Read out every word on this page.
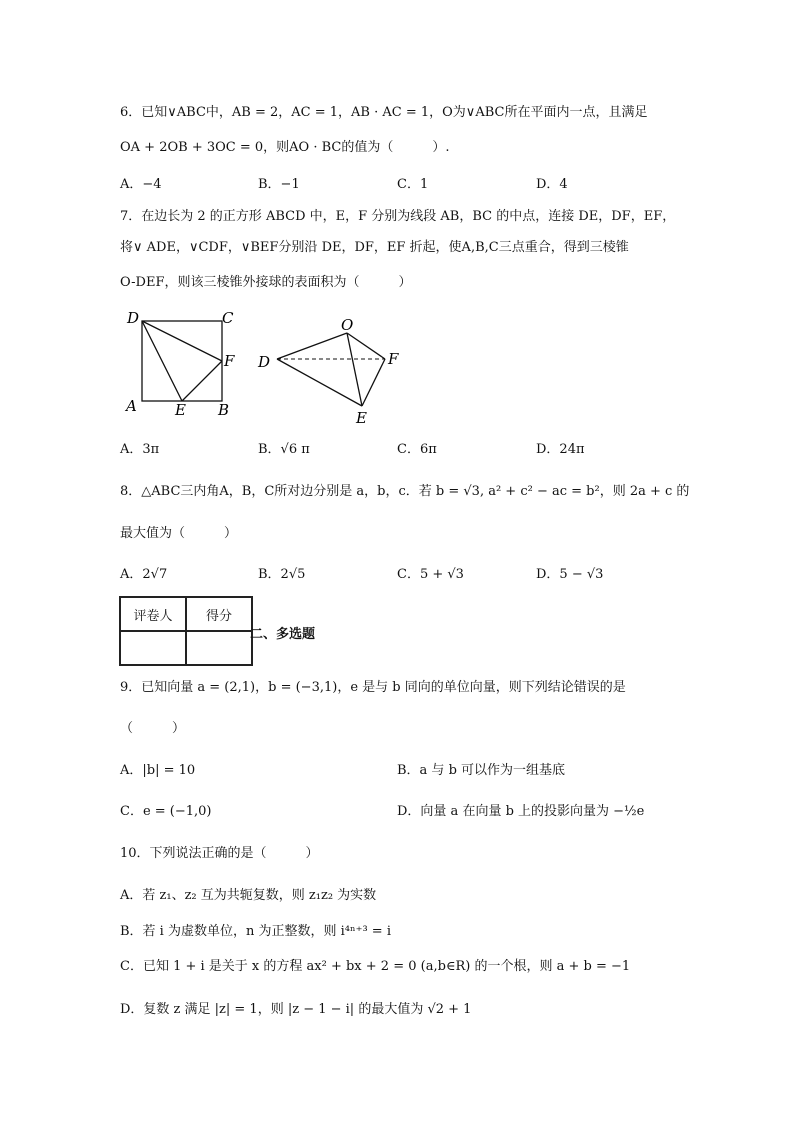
6．已知∨ABC中，AB = 2，AC = 1，AB · AC = 1，O为∨ABC所在平面内一点，且满足
OA + 2OB + 3OC = 0，则AO · BC的值为（　　　）.
A．−4	B．−1	C．1	D．4
7．在边长为 2 的正方形 ABCD 中，E，F 分别为线段 AB，BC 的中点，连接 DE，DF，EF，
将∨ ADE，∨CDF，∨BEF分别沿 DE，DF，EF 折起，使A,B,C三点重合，得到三棱锥
O-DEF，则该三棱锥外接球的表面积为（　　　）
D	C
F
A	E B
O
D	F
E
A．3π	B．√6 π	C．6π	D．24π
8．△ABC三内角A，B，C所对边分别是 a，b，c．若 b = √3, a² + c² − ac = b²，则 2a + c 的
最大值为（　　　）
A．2√7	B．2√5	C．5 + √3	D．5 − √3
评卷人	得分

二、多选题
9．已知向量 a = (2,1)，b = (−3,1)，e 是与 b 同向的单位向量，则下列结论错误的是
（　　　）
A．|b| = 10	B．a 与 b 可以作为一组基底
C．e = (−1,0)	D．向量 a 在向量 b 上的投影向量为 −½e
10．下列说法正确的是（　　　）
A．若 z₁、z₂ 互为共轭复数，则 z₁z₂ 为实数
B．若 i 为虚数单位，n 为正整数，则 i⁴ⁿ⁺³ = i
C．已知 1 + i 是关于 x 的方程 ax² + bx + 2 = 0 (a,b∈R) 的一个根，则 a + b = −1
D．复数 z 满足 |z| = 1，则 |z − 1 − i| 的最大值为 √2 + 1
